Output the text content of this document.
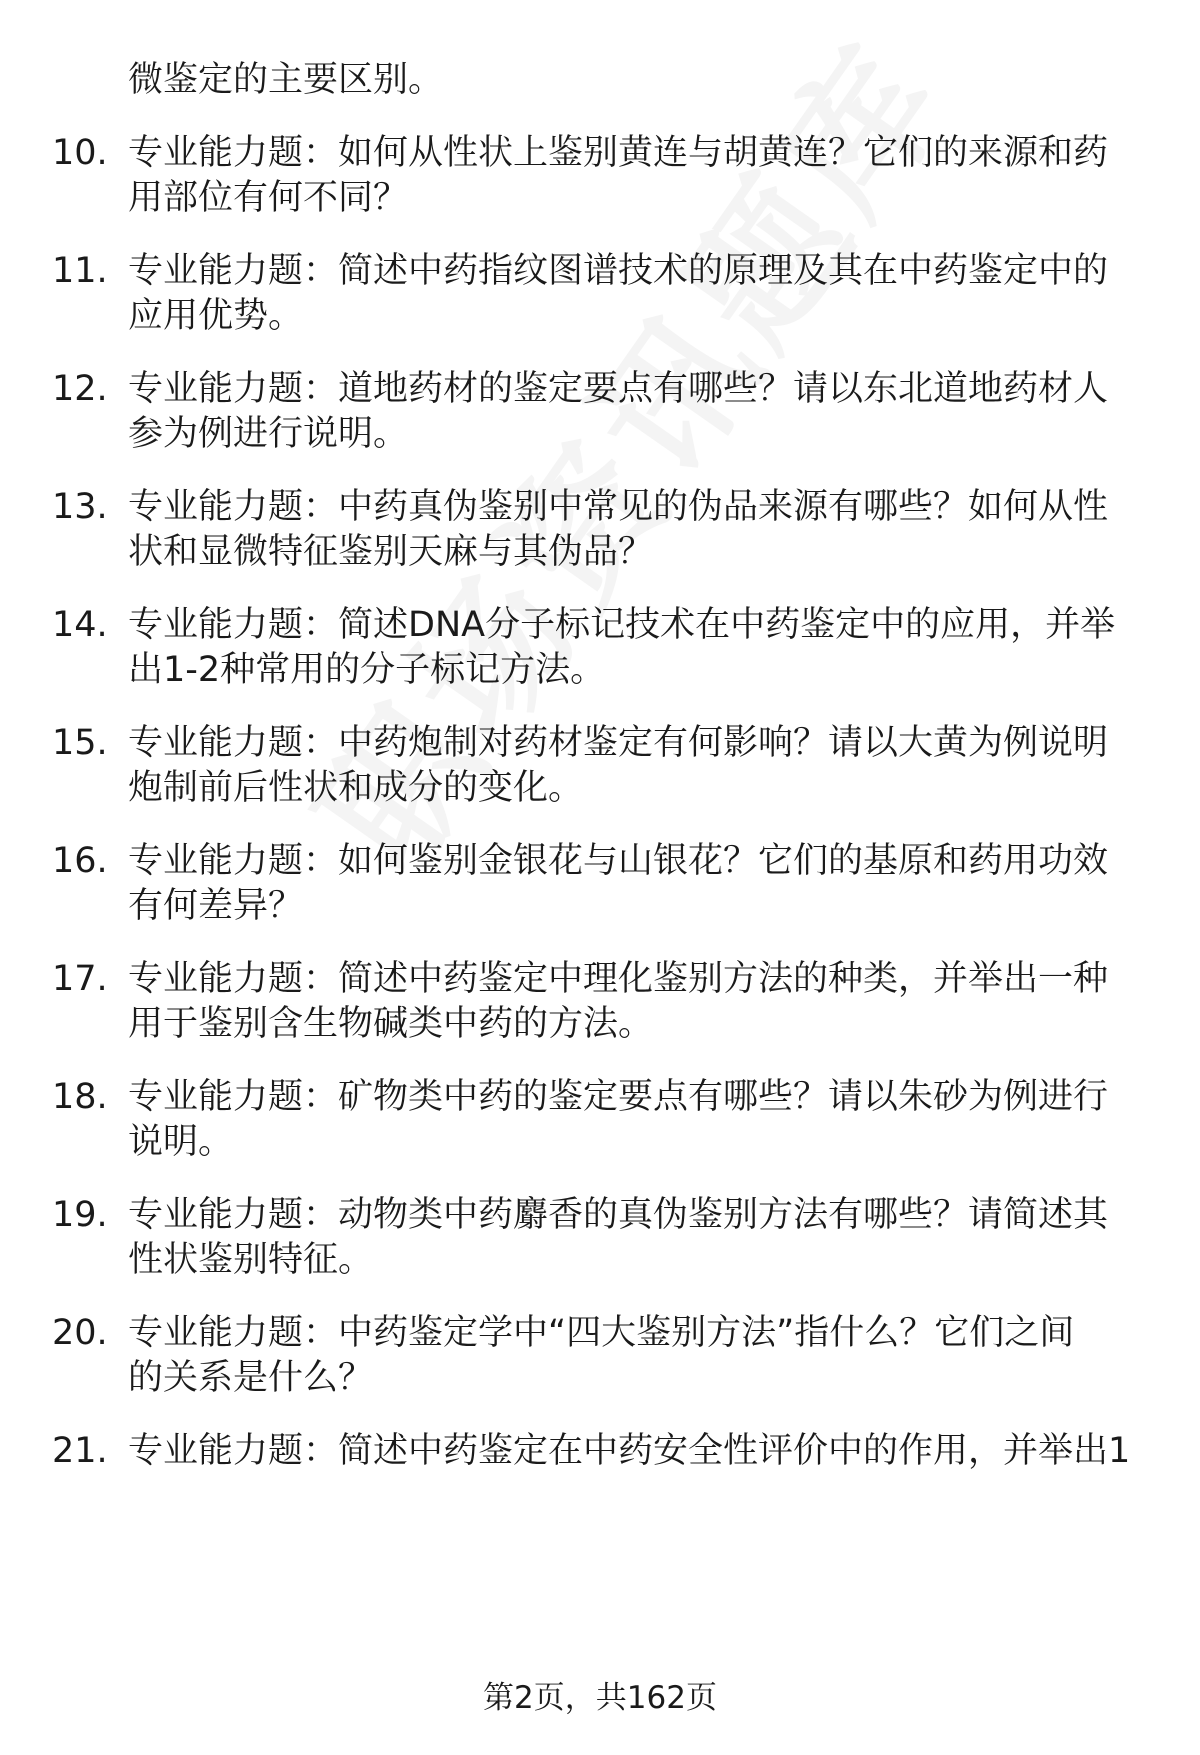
微鉴定的主要区别。
10. 专业能力题：如何从性状上鉴别黄连与胡黄连？它们的来源和药
用部位有何不同？
11. 专业能力题：简述中药指纹图谱技术的原理及其在中药鉴定中的
应用优势。
12. 专业能力题：道地药材的鉴定要点有哪些？请以东北道地药材人
参为例进行说明。
13. 专业能力题：中药真伪鉴别中常见的伪品来源有哪些？如何从性
状和显微特征鉴别天麻与其伪品？
14. 专业能力题：简述DNA分子标记技术在中药鉴定中的应用，并举
出1-2种常用的分子标记方法。
15. 专业能力题：中药炮制对药材鉴定有何影响？请以大黄为例说明
炮制前后性状和成分的变化。
16. 专业能力题：如何鉴别金银花与山银花？它们的基原和药用功效
有何差异？
17. 专业能力题：简述中药鉴定中理化鉴别方法的种类，并举出一种
用于鉴别含生物碱类中药的方法。
18. 专业能力题：矿物类中药的鉴定要点有哪些？请以朱砂为例进行
说明。
19. 专业能力题：动物类中药麝香的真伪鉴别方法有哪些？请简述其
性状鉴别特征。
20. 专业能力题：中药鉴定学中“四大鉴别方法”指什么？它们之间
的关系是什么？
21. 专业能力题：简述中药鉴定在中药安全性评价中的作用，并举出1
第2页，共162页
